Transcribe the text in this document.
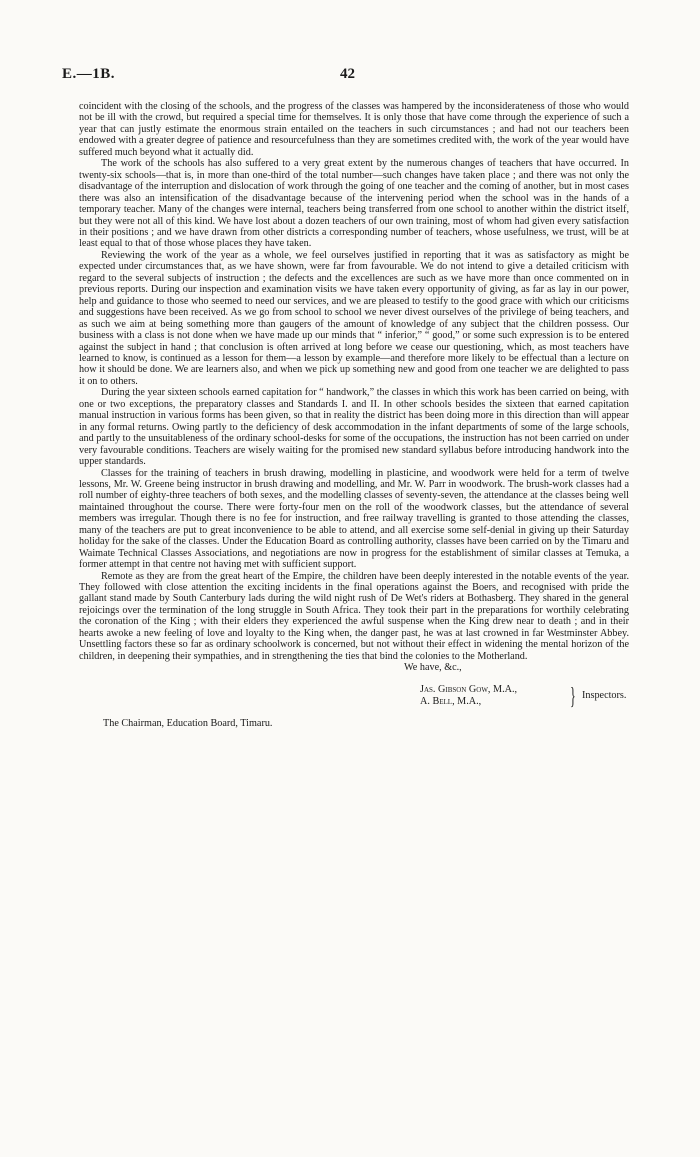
E.—1B.	42

coincident with the closing of the schools, and the progress of the classes was hampered by the inconsiderateness of those who would not be ill with the crowd, but required a special time for themselves. It is only those that have come through the experience of such a year that can justly estimate the enormous strain entailed on the teachers in such circumstances ; and had not our teachers been endowed with a greater degree of patience and resourcefulness than they are sometimes credited with, the work of the year would have suffered much beyond what it actually did.

The work of the schools has also suffered to a very great extent by the numerous changes of teachers that have occurred. In twenty-six schools—that is, in more than one-third of the total number—such changes have taken place ; and there was not only the disadvantage of the interruption and dislocation of work through the going of one teacher and the coming of another, but in most cases there was also an intensification of the disadvantage because of the intervening period when the school was in the hands of a temporary teacher. Many of the changes were internal, teachers being transferred from one school to another within the district itself, but they were not all of this kind. We have lost about a dozen teachers of our own training, most of whom had given every satisfaction in their positions ; and we have drawn from other districts a corresponding number of teachers, whose usefulness, we trust, will be at least equal to that of those whose places they have taken.

Reviewing the work of the year as a whole, we feel ourselves justified in reporting that it was as satisfactory as might be expected under circumstances that, as we have shown, were far from favourable. We do not intend to give a detailed criticism with regard to the several subjects of instruction ; the defects and the excellences are such as we have more than once commented on in previous reports. During our inspection and examination visits we have taken every opportunity of giving, as far as lay in our power, help and guidance to those who seemed to need our services, and we are pleased to testify to the good grace with which our criticisms and suggestions have been received. As we go from school to school we never divest ourselves of the privilege of being teachers, and as such we aim at being something more than gaugers of the amount of knowledge of any subject that the children possess. Our business with a class is not done when we have made up our minds that “ inferior,” “ good,” or some such expression is to be entered against the subject in hand ; that conclusion is often arrived at long before we cease our questioning, which, as most teachers have learned to know, is continued as a lesson for them—a lesson by example—and therefore more likely to be effectual than a lecture on how it should be done. We are learners also, and when we pick up something new and good from one teacher we are delighted to pass it on to others.

During the year sixteen schools earned capitation for “ handwork,” the classes in which this work has been carried on being, with one or two exceptions, the preparatory classes and Standards I. and II. In other schools besides the sixteen that earned capitation manual instruction in various forms has been given, so that in reality the district has been doing more in this direction than will appear in any formal returns. Owing partly to the deficiency of desk accommodation in the infant departments of some of the large schools, and partly to the unsuitableness of the ordinary school-desks for some of the occupations, the instruction has not been carried on under very favourable conditions. Teachers are wisely waiting for the promised new standard syllabus before introducing handwork into the upper standards.

Classes for the training of teachers in brush drawing, modelling in plasticine, and woodwork were held for a term of twelve lessons, Mr. W. Greene being instructor in brush drawing and modelling, and Mr. W. Parr in woodwork. The brush-work classes had a roll number of eighty-three teachers of both sexes, and the modelling classes of seventy-seven, the attendance at the classes being well maintained throughout the course. There were forty-four men on the roll of the woodwork classes, but the attendance of several members was irregular. Though there is no fee for instruction, and free railway travelling is granted to those attending the classes, many of the teachers are put to great inconvenience to be able to attend, and all exercise some self-denial in giving up their Saturday holiday for the sake of the classes. Under the Education Board as controlling authority, classes have been carried on by the Timaru and Waimate Technical Classes Associations, and negotiations are now in progress for the establishment of similar classes at Temuka, a former attempt in that centre not having met with sufficient support.

Remote as they are from the great heart of the Empire, the children have been deeply interested in the notable events of the year. They followed with close attention the exciting incidents in the final operations against the Boers, and recognised with pride the gallant stand made by South Canterbury lads during the wild night rush of De Wet's riders at Bothasberg. They shared in the general rejoicings over the termination of the long struggle in South Africa. They took their part in the preparations for worthily celebrating the coronation of the King ; with their elders they experienced the awful suspense when the King drew near to death ; and in their hearts awoke a new feeling of love and loyalty to the King when, the danger past, he was at last crowned in far Westminster Abbey. Unsettling factors these so far as ordinary schoolwork is concerned, but not without their effect in widening the mental horizon of the children, in deepening their sympathies, and in strengthening the ties that bind the colonies to the Motherland.

We have, &c.,

Jas. Gibson Gow, M.A.,
A. Bell, M.A.,	} Inspectors.

The Chairman, Education Board, Timaru.
